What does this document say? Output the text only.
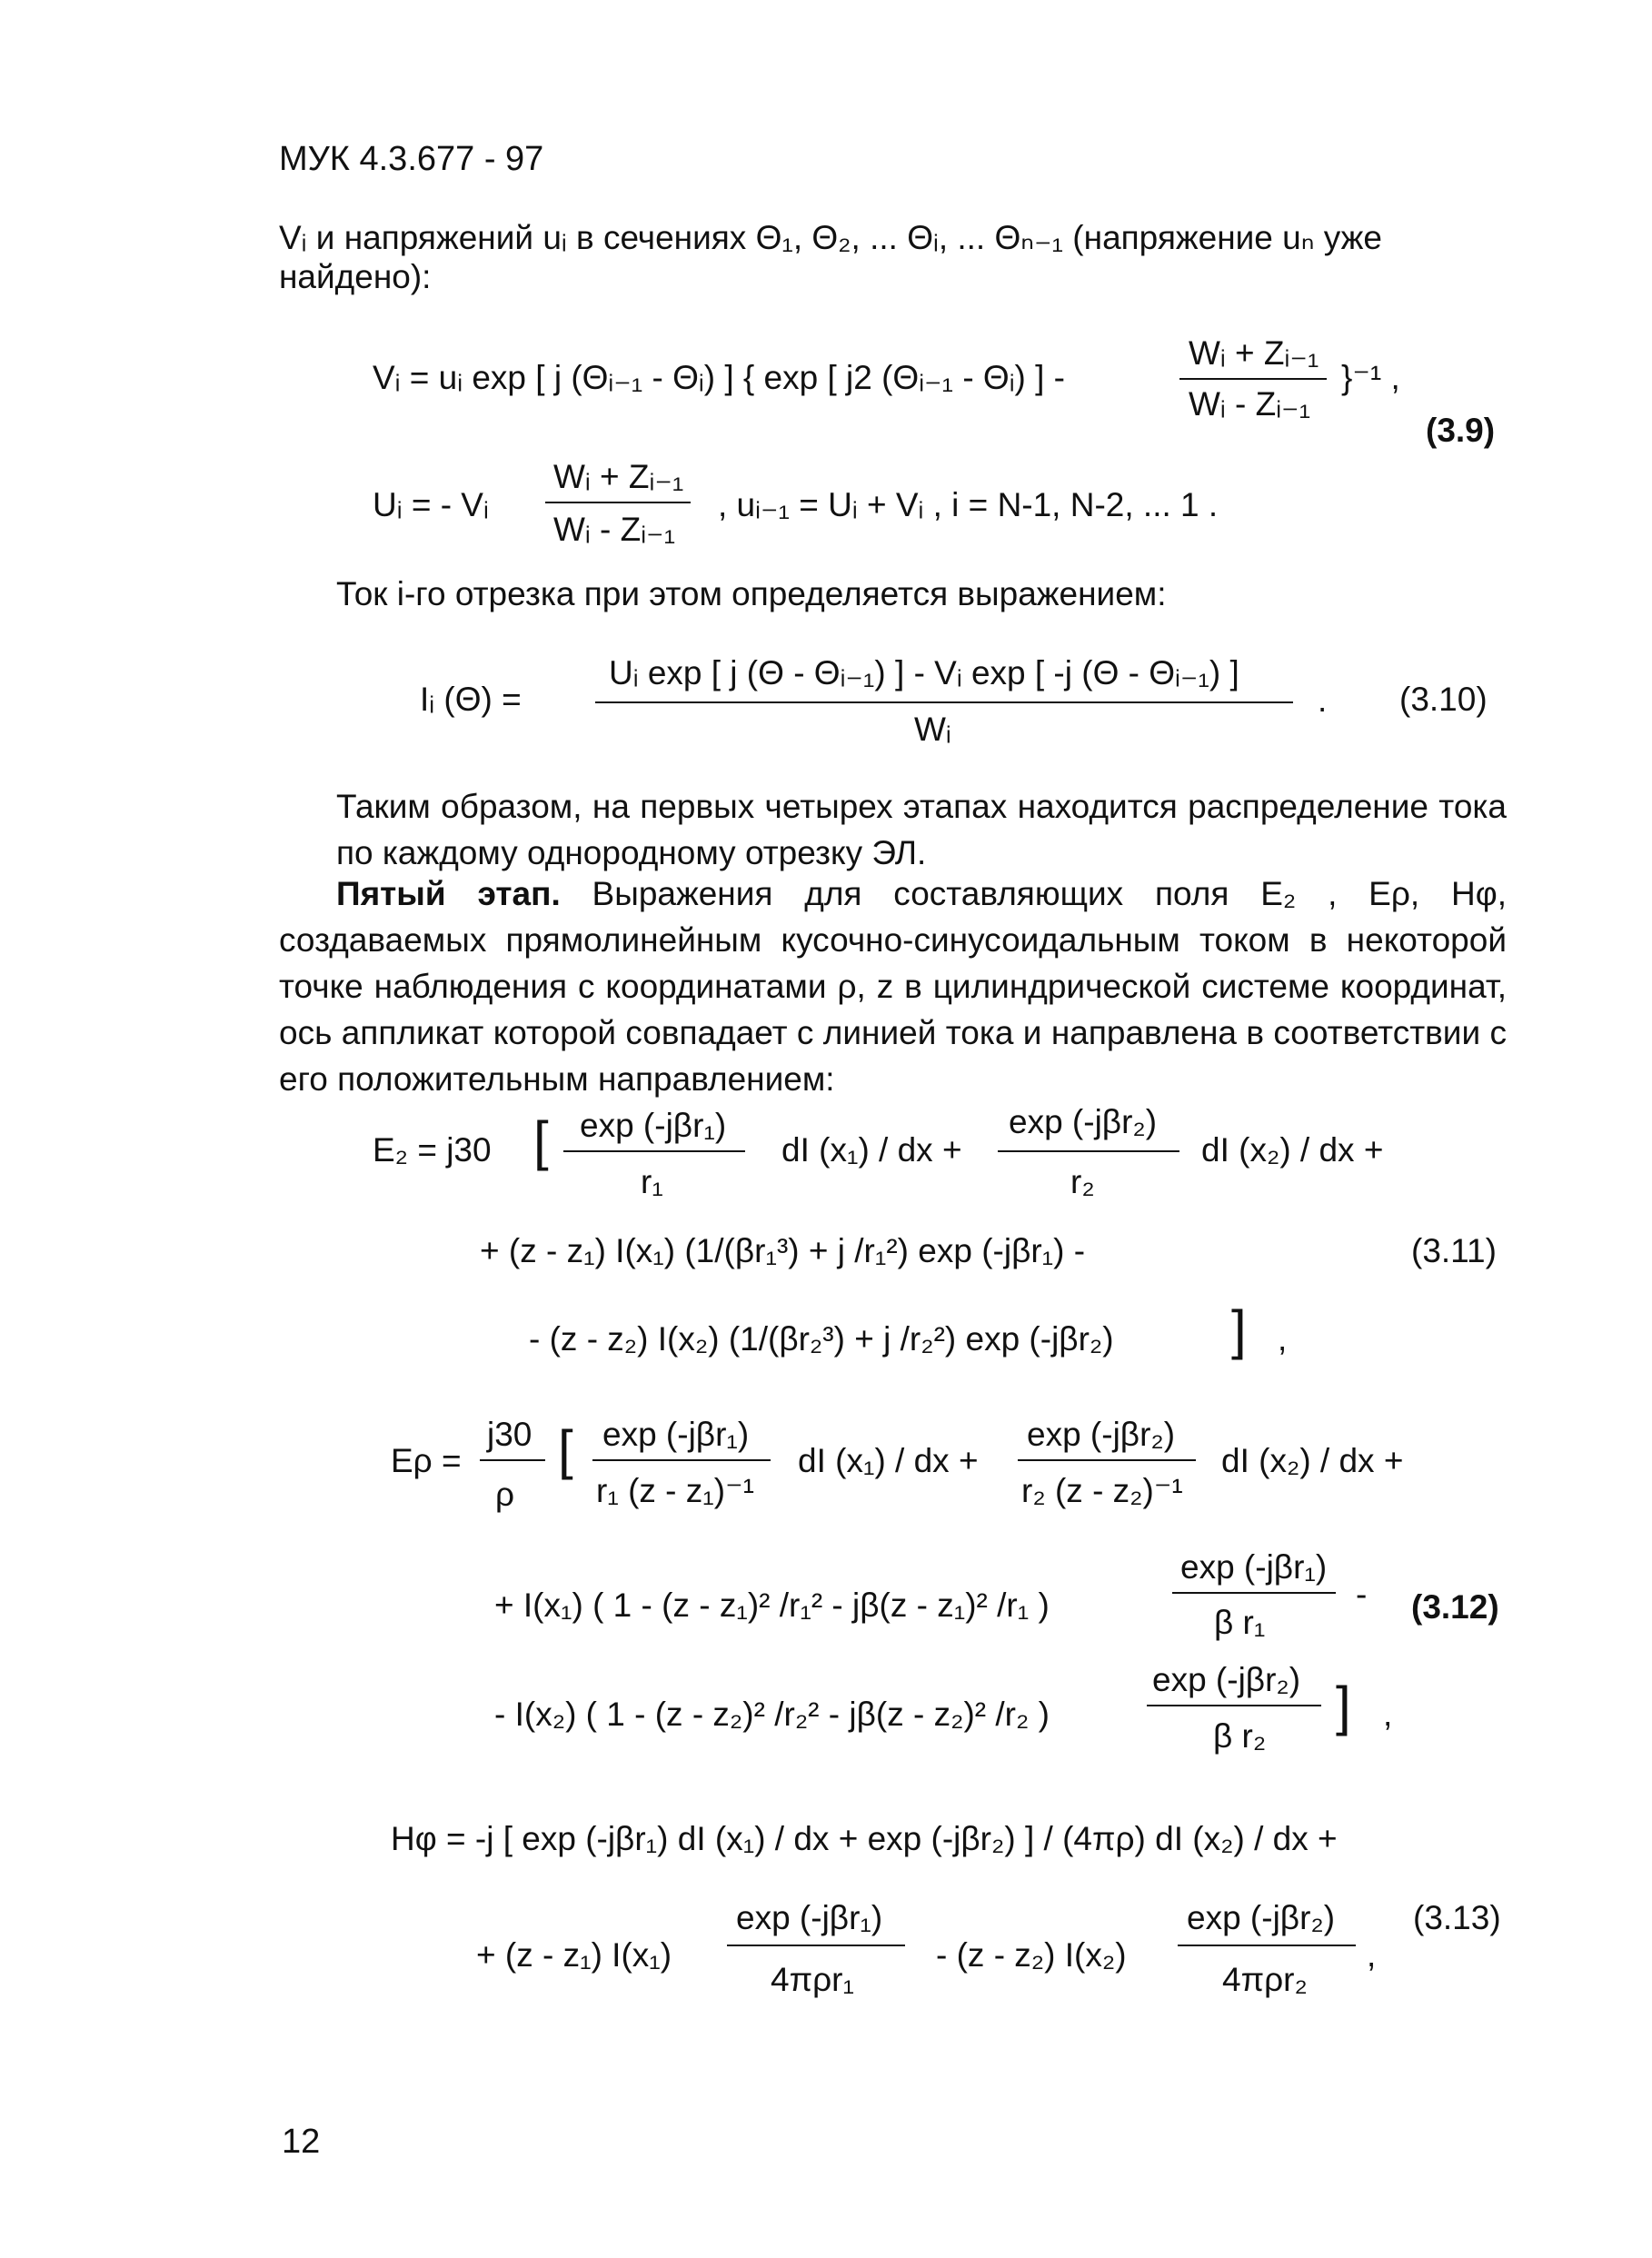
МУК 4.3.677 - 97
Vᵢ и напряжений uᵢ в сечениях Θ₁, Θ₂, ... Θᵢ, ... Θₙ₋₁ (напряжение uₙ уже
найдено):
Vᵢ = uᵢ exp [ j (Θᵢ₋₁ - Θᵢ) ] { exp [ j2 (Θᵢ₋₁ - Θᵢ) ] -
Wᵢ + Zᵢ₋₁
Wᵢ - Zᵢ₋₁
}⁻¹ ,
(3.9)
Uᵢ = - Vᵢ
Wᵢ + Zᵢ₋₁
Wᵢ - Zᵢ₋₁
, uᵢ₋₁ = Uᵢ + Vᵢ , i = N-1, N-2, ... 1 .
Ток i-го отрезка при этом определяется выражением:
Iᵢ (Θ) =
Uᵢ exp [ j (Θ - Θᵢ₋₁) ] - Vᵢ exp [ -j (Θ - Θᵢ₋₁) ]
Wᵢ
. (3.10)
Таким образом, на первых четырех этапах находится распределение тока по каждому однородному отрезку ЭЛ.
Пятый этап. Выражения для составляющих поля E₂ , Eρ, Hφ, создаваемых прямолинейным кусочно-синусоидальным током в некоторой точке наблюдения с координатами ρ, z в цилиндрической системе координат, ось аппликат которой совпадает с линией тока и направлена в соответствии с его положительным направлением:
E₂ = j30 [ exp (-jβr₁)
r₁
dI (x₁) / dx +
exp (-jβr₂)
r₂
dI (x₂) / dx +
+ (z - z₁) I(x₁) (1/(βr₁³) + j /r₁²) exp (-jβr₁) -	(3.11)
- (z - z₂) I(x₂) (1/(βr₂³) + j /r₂²) exp (-jβr₂) ] ,
Eρ =
j30
ρ
[ exp (-jβr₁)
r₁ (z - z₁)⁻¹
dI (x₁) / dx +
exp (-jβr₂)
r₂ (z - z₂)⁻¹
dI (x₂) / dx +
+ I(x₁) ( 1 - (z - z₁)² /r₁² - jβ(z - z₁)² /r₁ )
exp (-jβr₁)
β r₁
- (3.12)
- I(x₂) ( 1 - (z - z₂)² /r₂² - jβ(z - z₂)² /r₂ )
exp (-jβr₂)
β r₂ ] ,
Hφ = -j [ exp (-jβr₁) dI (x₁) / dx + exp (-jβr₂) ] / (4πρ) dI (x₂) / dx +
+ (z - z₁) I(x₁)
exp (-jβr₁)
4πρr₁
- (z - z₂) I(x₂)
exp (-jβr₂)
4πρr₂
,
(3.13)
12
